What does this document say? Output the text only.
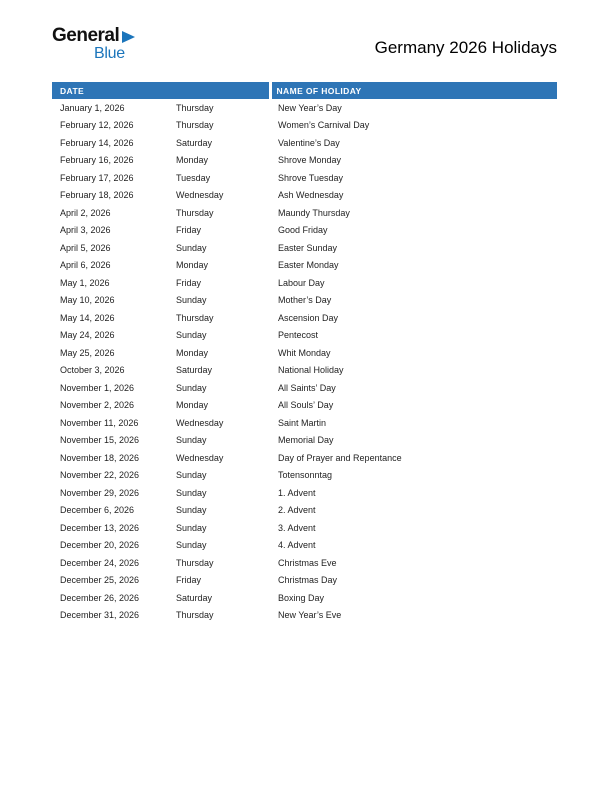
General
Blue	Germany 2026 Holidays
DATE		NAME OF HOLIDAY
January 1, 2026	Thursday	New Year’s Day
February 12, 2026	Thursday	Women’s Carnival Day
February 14, 2026	Saturday	Valentine’s Day
February 16, 2026	Monday	Shrove Monday
February 17, 2026	Tuesday	Shrove Tuesday
February 18, 2026	Wednesday	Ash Wednesday
April 2, 2026	Thursday	Maundy Thursday
April 3, 2026	Friday	Good Friday
April 5, 2026	Sunday	Easter Sunday
April 6, 2026	Monday	Easter Monday
May 1, 2026	Friday	Labour Day
May 10, 2026	Sunday	Mother’s Day
May 14, 2026	Thursday	Ascension Day
May 24, 2026	Sunday	Pentecost
May 25, 2026	Monday	Whit Monday
October 3, 2026	Saturday	National Holiday
November 1, 2026	Sunday	All Saints’ Day
November 2, 2026	Monday	All Souls’ Day
November 11, 2026	Wednesday	Saint Martin
November 15, 2026	Sunday	Memorial Day
November 18, 2026	Wednesday	Day of Prayer and Repentance
November 22, 2026	Sunday	Totensonntag
November 29, 2026	Sunday	1. Advent
December 6, 2026	Sunday	2. Advent
December 13, 2026	Sunday	3. Advent
December 20, 2026	Sunday	4. Advent
December 24, 2026	Thursday	Christmas Eve
December 25, 2026	Friday	Christmas Day
December 26, 2026	Saturday	Boxing Day
December 31, 2026	Thursday	New Year’s Eve
